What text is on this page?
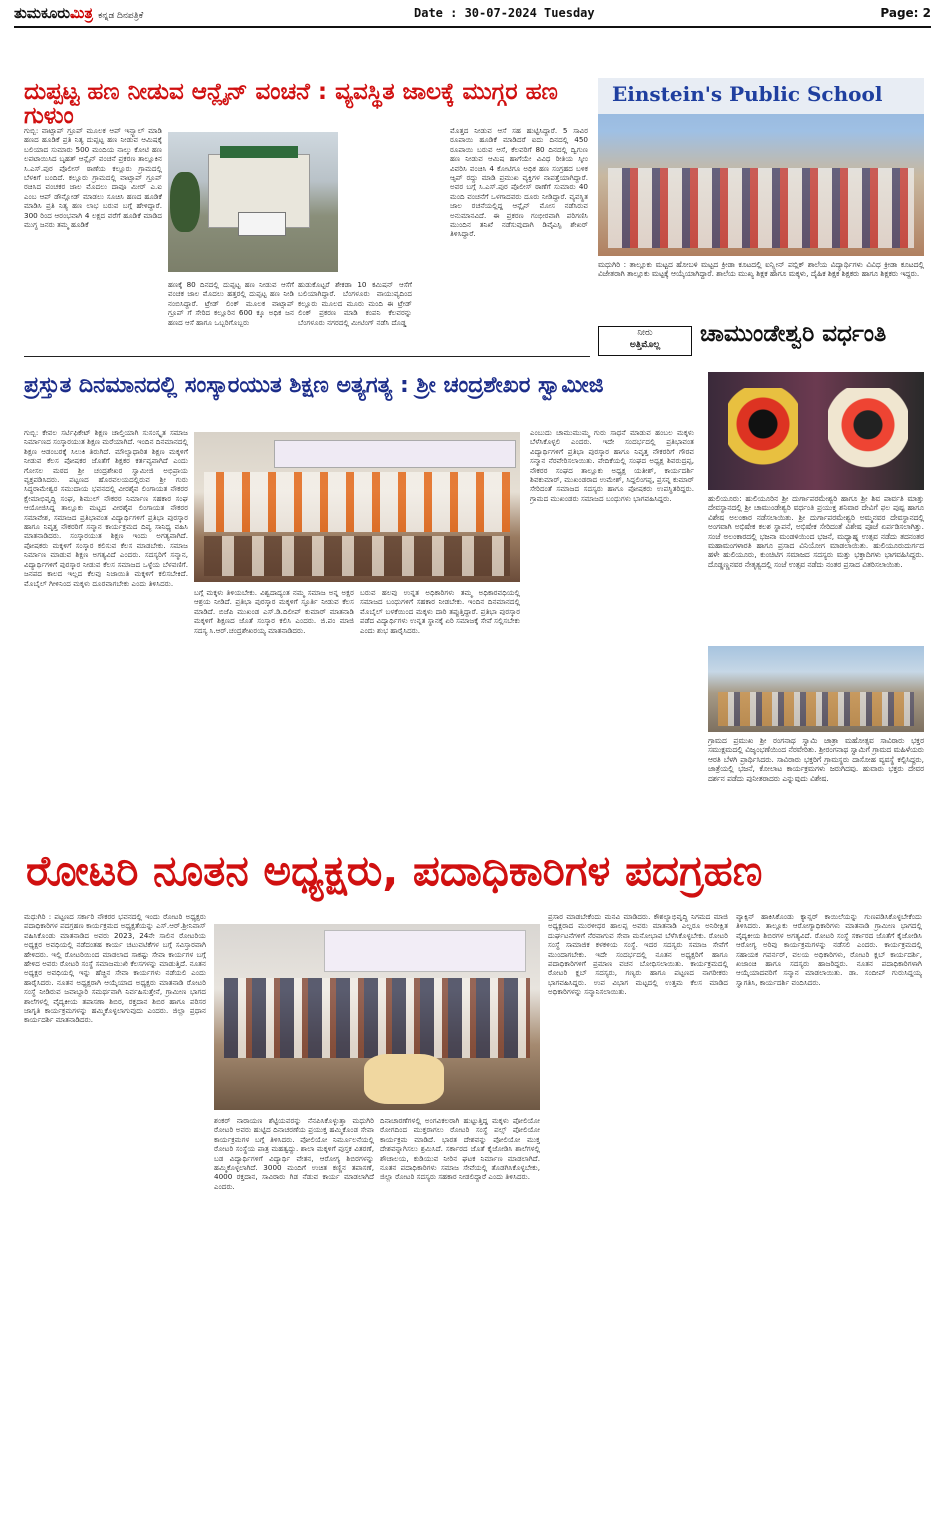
ತುಮಕೂರುಮಿತ್ರ ಕನ್ನಡ ದಿನಪತ್ರಿಕೆ	Date : 30-07-2024 Tuesday	Page: 2
ದುಪ್ಪಟ್ಟ ಹಣ ನೀಡುವ ಆನ್ಲೈನ್ ವಂಚನೆ : ವ್ಯವಸ್ಥಿತ ಜಾಲಕ್ಕೆ ಮುಗ್ಗರ ಹಣ ಗುಳುಂ
ಗುಬ್ಬಿ: ವಾಟ್ಸಾಪ್ ಗ್ರೂಪ್ ಮೂಲಕ ಆಪ್ ಇನ್ಸ್ಟಾಲ್ ಮಾಡಿ ಹಣದ ಹೂಡಿಕೆ ಪ್ರತಿ ನಿತ್ಯ ದುಪ್ಪಟ್ಟ ಹಣ ನೀಡುವ ಆಮಿಷಕ್ಕೆ ಬಲಿಯಾದ ಸುಮಾರು 500 ಮಂದಿಯ ನಾಲ್ಕು ಕೋಟಿ ಹಣ ಲಪಟಾಯಿಸಿದ ಬೃಹತ್ ಆನ್ಲೈನ್ ವಂಚನೆ ಪ್ರಕರಣ ತಾಲ್ಲೂಕಿನ ಸಿ.ಎಸ್.ಪುರ ಪೊಲೀಸ್ ಠಾಣೆಯ ಕಲ್ಲೂರು ಗ್ರಾಮದಲ್ಲಿ ಬೆಳಕಿಗೆ ಬಂದಿದೆ. ಕಲ್ಲೂರು ಗ್ರಾಮದಲ್ಲಿ ವಾಟ್ಸಾಪ್ ಗ್ರೂಪ್ ರಚಿಸಿದ ವಂಚಕರ ಜಾಲ ಮೊದಲು ದಾವೂ ಮೀರ್ ಎ.ಐ ಎಂಬ ಆಪ್ ಡೌನ್ಲೋಡ್ ಮಾಡಲು ಸೂಚಿಸಿ ಹಣದ ಹೂಡಿಕೆ ಮಾಡಿಸಿ ಪ್ರತಿ ನಿತ್ಯ ಹಣ ಲಾಭ ಬರುವ ಬಗ್ಗೆ ಹೇಳಿದ್ದಾರೆ. 300 ರಿಂದ ಆರಂಭವಾಗಿ 4 ಲಕ್ಷದ ವರೆಗೆ ಹೂಡಿಕೆ ಮಾಡಿದ ಮುಗ್ಧ ಜನರು ತಮ್ಮ ಹೂಡಿಕೆ
ಹಣಕ್ಕೆ 80 ದಿನದಲ್ಲಿ ದುಪ್ಪಟ್ಟ ಹಣ ನೀಡುವ ಆಸೆಗೆ ವಂಚಕ ಜಾಲ ಮೊದಲು ಹತ್ತರಲ್ಲಿ ದುಪ್ಪಟ್ಟ ಹಣ ನೀಡಿ ನಂಬಿಸಿದ್ದಾರೆ. ಟ್ರೇಡ್ ಲಿಂಕ್ ಮೂಲಕ ವಾಟ್ಸಾಪ್ ಗ್ರೂಪ್ ಗೆ ಸೇರಿದ ಕಲ್ಲೂರಿನ 600 ಕ್ಕೂ ಅಧಿಕ ಜನ ಹಣದ ಆಸೆ ಹಾಗೂ ಒಬ್ಬರಿಗೊಬ್ಬರು
ಹುಡುಕೊಟ್ಟರೆ ಶೇಕಡಾ 10 ಕಮಿಷನ್ ಆಸೆಗೆ ಬಲಿಯಾಗಿದ್ದಾರೆ. ಬೆಂಗಳೂರು ವಾಯುವ್ಯದಿಂದ ಕಲ್ಲೂರು ಮೂಲದ ಮೂರು ಮಂದಿ ಈ ಟ್ರೇಡ್ ಲಿಂಕ್ ಪ್ರಕರಣ ಮಾಡಿ ಕಂಪನಿ ಕೆಲವರನ್ನು ಬೆಂಗಳೂರು ನಗರದಲ್ಲಿ ಮೀಟಿಂಗ್ ನಡೆಸಿ ದೊಡ್ಡ
ಮೊತ್ತದ ನೀಡುವ ಆಸೆ ಸಹ ಹುಟ್ಟಿಸಿದ್ದಾರೆ. 5 ಸಾವಿರ ರೂಪಾಯಿ ಹೂಡಿಕೆ ಮಾಡಿದರೆ ಐದು ದಿನದಲ್ಲಿ 450 ರೂಪಾಯಿ ಬರುವ ಆಸೆ, ಕೆಲವರಿಗೆ 80 ದಿನದಲ್ಲಿ ದ್ವಿಗುಣ ಹಣ ನೀಡುವ ಆಮಿಷ ಹಾಗೆಯೇ ವಿವಿಧ ರೀತಿಯ ಸ್ಕೀಂ ವಿವರಿಸಿ ವಂಚಿಸಿ 4 ಕೋಟಿಗೂ ಅಧಿಕ ಹಣ ಸಂಗ್ರಹದ ಬಳಿಕ ಆ್ಯಪ್ ರದ್ದು ಮಾಡಿ ಪ್ರಮುಖ ವ್ಯಕ್ತಿಗಳ ನಾಪತ್ತೆಯಾಗಿದ್ದಾರೆ. ಅವರ ಬಗ್ಗೆ ಸಿ.ಎಸ್.ಪುರ ಪೊಲೀಸ್ ಠಾಣೆಗೆ ಸುಮಾರು 40 ಮಂದಿ ವಂಚನೆಗೆ ಒಳಗಾದವರು ದೂರು ನೀಡಿದ್ದಾರೆ. ವ್ಯವಸ್ಥಿತ ಜಾಲ ರಚನೆಯಲ್ಲಿದ್ದ ಆನ್ಲೈನ್ ಮೋಸ ನಡೆಸಿರುವ ಅನುಮಾನವಿದೆ. ಈ ಪ್ರಕರಣ ಗಂಭೀರವಾಗಿ ಪರಿಗಣಿಸಿ ಮುಂದಿನ ತನಿಖೆ ನಡೆಸುವುದಾಗಿ ಡಿವೈಎಸ್ಪಿ ಶೇಖರ್ ತಿಳಿಸಿದ್ದಾರೆ.
Einstein's Public School
ಮಧುಗಿರಿ : ತಾಲ್ಲೂಕು ಮಟ್ಟದ ಹೋಬಳಿ ಮಟ್ಟದ ಕ್ರೀಡಾ ಕೂಟದಲ್ಲಿ ಐನ್ಸ್ಟೀನ್ ಪಬ್ಲಿಕ್ ಶಾಲೆಯ ವಿದ್ಯಾರ್ಥಿಗಳು ವಿವಿಧ ಕ್ರೀಡಾ ಕೂಟದಲ್ಲಿ ವಿಜೇತರಾಗಿ ತಾಲ್ಲೂಕು ಮಟ್ಟಕ್ಕೆ ಆಯ್ಕೆಯಾಗಿದ್ದಾರೆ. ಶಾಲೆಯ ಮುಖ್ಯ ಶಿಕ್ಷಕ ಹಾಗೂ ಮಕ್ಕಳು, ದೈಹಿಕ ಶಿಕ್ಷಕ ಶಿಕ್ಷಕರು ಹಾಗೂ ಶಿಕ್ಷಕರು ಇದ್ದರು.
ನೀರು
ಅತ್ತಿಮೊಲ್ಲ	ಚಾಮುಂಡೇಶ್ವರಿ ವರ್ಧಂತಿ
ಪ್ರಸ್ತುತ ದಿನಮಾನದಲ್ಲಿ ಸಂಸ್ಕಾರಯುತ ಶಿಕ್ಷಣ ಅತ್ಯಗತ್ಯ : ಶ್ರೀ ಚಂದ್ರಶೇಖರ ಸ್ವಾಮೀಜಿ
ಗುಬ್ಬಿ: ಕೇವಲ ಸರ್ಟಿಫಿಕೇಟ್ ಶಿಕ್ಷಣ ಚಾಲ್ತಿಯಾಗಿ ಸುಸಂಸ್ಕೃತ ಸಮಾಜ ನಿರ್ಮಾಣದ ಸಂಸ್ಕಾರಯುತ ಶಿಕ್ಷಣ ಮರೆಯಾಗಿದೆ. ಇಂದಿನ ದಿನಮಾನದಲ್ಲಿ ಶಿಕ್ಷಣ ಆಡಂಬರಕ್ಕೆ ಸಿಲುಕಿ ತಿರುಗಿದೆ. ಮೌಲ್ಯಾಧಾರಿತ ಶಿಕ್ಷಣ ಮಕ್ಕಳಿಗೆ ನೀಡುವ ಕೆಲಸ ಪೋಷಕರ ಜೊತೆಗೆ ಶಿಕ್ಷಕರ ಕರ್ತವ್ಯವಾಗಿದೆ ಎಂದು ಗೋಸಲ ಮಠದ ಶ್ರೀ ಚಂದ್ರಶೇಖರ ಸ್ವಾಮೀಜಿ ಅಭಿಪ್ರಾಯ ವ್ಯಕ್ತಪಡಿಸಿದರು. ಪಟ್ಟಣದ ಹೊರವಲಯದಲ್ಲಿರುವ ಶ್ರೀ ಗುರು ಸಿದ್ಧರಾಮೇಶ್ವರ ಸಮುದಾಯ ಭವನದಲ್ಲಿ ವೀರಶೈವ ಲಿಂಗಾಯತ ನೌಕರರ ಕ್ಷೇಮಾಭಿವೃದ್ಧಿ ಸಂಘ, ಶಿಮುಲ್ ನೌಕರರ ನಿರ್ಮಾಣ ಸಹಕಾರ ಸಂಘ ಆಯೋಜಿಸಿದ್ದ ತಾಲ್ಲೂಕು ಮಟ್ಟದ ವೀರಶೈವ ಲಿಂಗಾಯತ ನೌಕರರ ಸಮಾವೇಶ, ಸಮಾಜದ ಪ್ರತಿಭಾವಂತ ವಿದ್ಯಾರ್ಥಿಗಳಿಗೆ ಪ್ರತಿಭಾ ಪುರಸ್ಕಾರ ಹಾಗೂ ನಿವೃತ್ತ ನೌಕರರಿಗೆ ಸನ್ಮಾನ ಕಾರ್ಯಕ್ರಮದ ದಿವ್ಯ ಸಾನಿಧ್ಯ ವಹಿಸಿ ಮಾತನಾಡಿದರು. ಸಂಸ್ಕಾರಯುತ ಶಿಕ್ಷಣ ಇಂದು ಅಗತ್ಯವಾಗಿದೆ. ಪೋಷಕರು ಮಕ್ಕಳಿಗೆ ಸಂಸ್ಕಾರ ಕಲಿಸುವ ಕೆಲಸ ಮಾಡಬೇಕು. ಸಮಾಜ ನಿರ್ಮಾಣ ಮಾಡುವ ಶಿಕ್ಷಣ ಅಗತ್ಯವಿದೆ ಎಂದರು. ಸದಸ್ಯರಿಗೆ ಸನ್ಮಾನ, ವಿದ್ಯಾರ್ಥಿಗಳಿಗೆ ಪುರಸ್ಕಾರ ನೀಡುವ ಕೆಲಸ ಸಮಾಜದ ಒಳ್ಳೆಯ ಬೆಳವಣಿಗೆ. ಜನಪದ ಕಾಲದ ಇಲ್ಲದ ಕೆಲವು ನಿಜಾಯಿತಿ ಮಕ್ಕಳಿಗೆ ಕಲಿಸಬೇಕಿದೆ. ಮೊಬೈಲ್ ಗೀಳಿನಿಂದ ಮಕ್ಕಳು ದೂರವಾಗಬೇಕು ಎಂದು ತಿಳಿಸಿದರು.
ಬಗ್ಗೆ ಮಕ್ಕಳು ತಿಳಿಯಬೇಕು. ವಿಶ್ವದಾದ್ಯಂತ ನಮ್ಮ ಸಮಾಜ ಅನ್ನ ಅಕ್ಷರ ಆಶ್ರಯ ನೀಡಿದೆ. ಪ್ರತಿಭಾ ಪುರಸ್ಕಾರ ಮಕ್ಕಳಿಗೆ ಸ್ಫೂರ್ತಿ ನೀಡುವ ಕೆಲಸ ಮಾಡಿದೆ. ಬಿಜೆಪಿ ಮುಖಂಡ ಎಸ್.ಡಿ.ದಿಲೀಪ್ ಕುಮಾರ್ ಮಾತನಾಡಿ ಮಕ್ಕಳಿಗೆ ಶಿಕ್ಷಣದ ಜೊತೆ ಸಂಸ್ಕಾರ ಕಲಿಸಿ ಎಂದರು. ಜಿ.ಪಂ ಮಾಜಿ ಸದಸ್ಯ ಸಿ.ಆರ್.ಚಂದ್ರಶೇಖರಯ್ಯ ಮಾತನಾಡಿದರು.
ಬರುವ ಹಲವು ಉನ್ನತ ಅಧಿಕಾರಿಗಳು ತಮ್ಮ ಅಧಿಕಾರವಧಿಯಲ್ಲಿ ಸಮಾಜದ ಬಂಧುಗಳಿಗೆ ಸಹಕಾರ ನೀಡಬೇಕು. ಇಂದಿನ ದಿನಮಾನದಲ್ಲಿ ಮೊಬೈಲ್ ಬಳಕೆಯಿಂದ ಮಕ್ಕಳು ದಾರಿ ತಪ್ಪುತ್ತಿದ್ದಾರೆ. ಪ್ರತಿಭಾ ಪುರಸ್ಕಾರ ಪಡೆದ ವಿದ್ಯಾರ್ಥಿಗಳು ಉನ್ನತ ಸ್ಥಾನಕ್ಕೆ ಏರಿ ಸಮಾಜಕ್ಕೆ ಸೇವೆ ಸಲ್ಲಿಸಬೇಕು ಎಂದು ಶುಭ ಹಾರೈಸಿದರು.
ಎಂಬುದು ಚಾಮುಮುಮ್ಮ ಗುರು ಸಾಧನೆ ಮಾಡುವ ಹಂಬಲ ಮಕ್ಕಳು ಬೆಳೆಸಿಕೊಳ್ಳಲಿ ಎಂದರು. ಇದೇ ಸಂದರ್ಭದಲ್ಲಿ ಪ್ರತಿಭಾವಂತ ವಿದ್ಯಾರ್ಥಿಗಳಿಗೆ ಪ್ರತಿಭಾ ಪುರಸ್ಕಾರ ಹಾಗೂ ನಿವೃತ್ತ ನೌಕರರಿಗೆ ಗೌರವ ಸನ್ಮಾನ ನೆರವೇರಿಸಲಾಯಿತು. ವೇದಿಕೆಯಲ್ಲಿ ಸಂಘದ ಅಧ್ಯಕ್ಷ ಶಿವರುದ್ರಪ್ಪ, ನೌಕರರ ಸಂಘದ ತಾಲ್ಲೂಕು ಅಧ್ಯಕ್ಷ ಯತೀಶ್, ಕಾರ್ಯದರ್ಶಿ ಶಿವಕುಮಾರ್, ಮುಖಂಡರಾದ ಉಮೇಶ್, ಸಿದ್ದಲಿಂಗಪ್ಪ, ಪ್ರಸನ್ನ ಕುಮಾರ್ ಸೇರಿದಂತೆ ಸಮಾಜದ ಸದಸ್ಯರು ಹಾಗೂ ಪೋಷಕರು ಉಪಸ್ಥಿತರಿದ್ದರು. ಗ್ರಾಮದ ಮುಖಂಡರು ಸಮಾಜದ ಬಂಧುಗಳು ಭಾಗವಹಿಸಿದ್ದರು.	ಹುಲಿಯೂರು: ಹುಲಿಯೂರಿನ ಶ್ರೀ ದುರ್ಗಾಪರಮೇಶ್ವರಿ ಹಾಗೂ ಶ್ರೀ ಶಿವ ಪಾರ್ವತಿ ಮಾತ್ತು ದೇವಸ್ಥಾನದಲ್ಲಿ ಶ್ರೀ ಚಾಮುಂಡೇಶ್ವರಿ ವರ್ಧಂತಿ ಪ್ರಯುಕ್ತ ಶನಿವಾರ ದೇವಿಗೆ ಫಲ ಪುಷ್ಪ ಹಾಗೂ ವಿಶೇಷ ಅಲಂಕಾರ ನಡೆಸಲಾಯಿತು. ಶ್ರೀ ದುರ್ಗಾಪರಮೇಶ್ವರಿ ಅಮ್ಮನವರ ದೇವಸ್ಥಾನದಲ್ಲಿ ಅಂಗವಾಗಿ ಅಭಿಷೇಕ ಕಲಶ ಸ್ಥಾಪನೆ, ಅಭಿಷೇಕ ಸೇರಿದಂತೆ ವಿಶೇಷ ಪೂಜೆ ಏರ್ಪಡಿಸಲಾಗಿತ್ತು. ಸಂಜೆ ಅಲಂಕಾರದಲ್ಲಿ ಭಜನಾ ಮಂಡಳಿಯಿಂದ ಭಜನೆ, ಮಧ್ಯಾಹ್ನ ಉತ್ಸವ ನಡೆದು ತದನಂತರ ಮಹಾಮಂಗಳಾರತಿ ಹಾಗೂ ಪ್ರಸಾದ ವಿನಿಯೋಗ ಮಾಡಲಾಯಿತು. ಹುಲಿಯೂರುದುರ್ಗದ ಹಳೇ ಹುಲಿಯೂರು, ಕುಂಚಿಟಿಗ ಸಮಾಜದ ಸದಸ್ಯರು ಮತ್ತು ಭಕ್ತಾದಿಗಳು ಭಾಗವಹಿಸಿದ್ದರು. ದೊಡ್ಡಣ್ಣನವರ ನೇತೃತ್ವದಲ್ಲಿ ಸಂಜೆ ಉತ್ಸವ ನಡೆದು ನಂತರ ಪ್ರಸಾದ ವಿತರಿಸಲಾಯಿತು.
ಗ್ರಾಮದ ಪ್ರಮುಖ ಶ್ರೀ ರಂಗನಾಥ ಸ್ವಾಮಿ ಜಾತ್ರಾ ಮಹೋತ್ಸವ ಸಾವಿರಾರು ಭಕ್ತರ ಸಮುಕ್ಷಮದಲ್ಲಿ ವಿಜೃಂಭಣೆಯಿಂದ ನೆರವೇರಿತು. ಶ್ರೀರಂಗನಾಥ ಸ್ವಾಮಿಗೆ ಗ್ರಾಮದ ಮಹಿಳೆಯರು ಆರತಿ ಬೆಳಗಿ ಪ್ರಾರ್ಥಿಸಿದರು. ಸಾವಿರಾರು ಭಕ್ತರಿಗೆ ಗ್ರಾಮಸ್ಥರು ದಾಸೋಹ ವ್ಯವಸ್ಥೆ ಕಲ್ಪಿಸಿದ್ದರು, ಜಾತ್ರೆಯಲ್ಲಿ ಭಜನೆ, ಕೋಲಾಟ ಕಾರ್ಯಕ್ರಮಗಳು ಜರುಗಿದವು. ಹುವಾರು ಭಕ್ತರು ದೇವರ ದರ್ಶನ ಪಡೆದು ಪುನೀತರಾದರು ಎನ್ನುವುದು ವಿಶೇಷ.
ರೋಟರಿ ನೂತನ ಅಧ್ಯಕ್ಷರು, ಪದಾಧಿಕಾರಿಗಳ ಪದಗ್ರಹಣ
ಮಧುಗಿರಿ : ಪಟ್ಟಣದ ಸರ್ಕಾರಿ ನೌಕರರ ಭವನದಲ್ಲಿ ಇಂದು ರೋಟರಿ ಅಧ್ಯಕ್ಷರು ಪದಾಧಿಕಾರಿಗಳ ಪದಗ್ರಹಣ ಕಾರ್ಯಕ್ರಮದ ಅಧ್ಯಕ್ಷತೆಯನ್ನು ಎಸ್.ಆರ್.ಶ್ರೀನಿವಾಸ್ ವಹಿಸಿಕೊಂಡು ಮಾತನಾಡಿದ ಅವರು 2023, 24ನೇ ಸಾಲಿನ ರೋಟರಿಯ ಅಧ್ಯಕ್ಷರ ಅವಧಿಯಲ್ಲಿ ನಡೆದಂತಹ ಕಾರ್ಯ ಚಟುವಟಿಕೆಗಳ ಬಗ್ಗೆ ಸವಿಸ್ತಾರವಾಗಿ ಹೇಳಿದರು. ಇಲ್ಲಿ ರೋಟರಿಯಿಂದ ಮಾಡಲಾದ ಸಾಕಷ್ಟು ಸೇವಾ ಕಾರ್ಯಗಳ ಬಗ್ಗೆ ಹೇಳಿದ ಅವರು ರೋಟರಿ ಸಂಸ್ಥೆ ಸಮಾಜಮುಖಿ ಕೆಲಸಗಳನ್ನು ಮಾಡುತ್ತಿದೆ. ನೂತನ ಅಧ್ಯಕ್ಷರ ಅವಧಿಯಲ್ಲಿ ಇನ್ನು ಹೆಚ್ಚಿನ ಸೇವಾ ಕಾರ್ಯಗಳು ನಡೆಯಲಿ ಎಂದು ಹಾರೈಸಿದರು. ನೂತನ ಅಧ್ಯಕ್ಷರಾಗಿ ಆಯ್ಕೆಯಾದ ಅಧ್ಯಕ್ಷರು ಮಾತನಾಡಿ ರೋಟರಿ ಸಂಸ್ಥೆ ನೀಡಿರುವ ಜವಾಬ್ದಾರಿ ಸಮರ್ಥವಾಗಿ ನಿರ್ವಹಿಸುತ್ತೇನೆ, ಗ್ರಾಮೀಣ ಭಾಗದ ಶಾಲೆಗಳಲ್ಲಿ ವೈದ್ಯಕೀಯ ತಪಾಸಣಾ ಶಿಬಿರ, ರಕ್ತದಾನ ಶಿಬಿರ ಹಾಗೂ ಪರಿಸರ ಜಾಗೃತಿ ಕಾರ್ಯಕ್ರಮಗಳನ್ನು ಹಮ್ಮಿಕೊಳ್ಳಲಾಗುವುದು ಎಂದರು. ಜಿಲ್ಲಾ ಪ್ರಧಾನ ಕಾರ್ಯದರ್ಶಿ ಮಾತನಾಡಿದರು.
ಶಂಕರ್ ನಾರಾಯಣ ಶೆಟ್ಟಿಯವರನ್ನು ನೆನಪಿಸಿಕೊಳ್ಳುತ್ತಾ ಮಧುಗಿರಿ ರೋಟರಿ ಅವರು ಹುಟ್ಟಿದ ದಿನಾಚರಣೆಯ ಪ್ರಯುಕ್ತ ಹಮ್ಮಿಕೊಂಡ ಸೇವಾ ಕಾರ್ಯಕ್ರಮಗಳ ಬಗ್ಗೆ ತಿಳಿಸಿದರು. ಪೋಲಿಯೋ ನಿರ್ಮೂಲನೆಯಲ್ಲಿ ರೋಟರಿ ಸಂಸ್ಥೆಯ ಪಾತ್ರ ಮಹತ್ವದ್ದು. ಶಾಲಾ ಮಕ್ಕಳಿಗೆ ಪುಸ್ತಕ ವಿತರಣೆ, ಬಡ ವಿದ್ಯಾರ್ಥಿಗಳಿಗೆ ವಿದ್ಯಾರ್ಥಿ ವೇತನ, ಆರೋಗ್ಯ ಶಿಬಿರಗಳನ್ನು ಹಮ್ಮಿಕೊಳ್ಳಲಾಗಿದೆ. 3000 ಮಂದಿಗೆ ಉಚಿತ ಕಣ್ಣಿನ ತಪಾಸಣೆ, 4000 ರಕ್ತದಾನ, ಸಾವಿರಾರು ಗಿಡ ನೆಡುವ ಕಾರ್ಯ ಮಾಡಲಾಗಿದೆ ಎಂದರು.
ದಿನಾಚಾರಣೆಗಳಲ್ಲಿ ಅಂಗವಿಕಲರಾಗಿ ಹುಟ್ಟುತ್ತಿದ್ದ ಮಕ್ಕಳು ಪೋಲಿಯೋ ರೋಗದಿಂದ ಮುಕ್ತರಾಗಲು ರೋಟರಿ ಸಂಸ್ಥೆ ಪಲ್ಸ್ ಪೋಲಿಯೋ ಕಾರ್ಯಕ್ರಮ ಮಾಡಿದೆ. ಭಾರತ ದೇಶವನ್ನು ಪೋಲಿಯೋ ಮುಕ್ತ ದೇಶವನ್ನಾಗಿಸಲು ಶ್ರಮಿಸಿದೆ. ಸರ್ಕಾರದ ಜೊತೆ ಕೈಜೋಡಿಸಿ ಶಾಲೆಗಳಲ್ಲಿ ಶೌಚಾಲಯ, ಕುಡಿಯುವ ನೀರಿನ ಘಟಕ ನಿರ್ಮಾಣ ಮಾಡಲಾಗಿದೆ. ನೂತನ ಪದಾಧಿಕಾರಿಗಳು ಸಮಾಜ ಸೇವೆಯಲ್ಲಿ ತೊಡಗಿಸಿಕೊಳ್ಳಬೇಕು, ಜಿಲ್ಲಾ ರೋಟರಿ ಸದಸ್ಯರು ಸಹಕಾರ ನೀಡಲಿದ್ದಾರೆ ಎಂದು ತಿಳಿಸಿದರು.
ಪ್ರಸಾರ ಮಾಡಬೇಕೆಂದು ಮನವಿ ಮಾಡಿದರು. ಕೌಶಲ್ಯಾಭಿವೃದ್ಧಿ ನಿಗಮದ ಮಾಜಿ ಅಧ್ಯಕ್ಷರಾದ ಮುರಳೀಧರ ಹಾಲಪ್ಪ ಅವರು ಮಾತನಾಡಿ ಎಲ್ಲರೂ ಅನಿರೀಕ್ಷಿತ ದುರ್ಘಟನೆಗಳಿಗೆ ನೆರವಾಗುವ ಸೇವಾ ಮನೋಭಾವ ಬೆಳೆಸಿಕೊಳ್ಳಬೇಕು. ರೋಟರಿ ಸಂಸ್ಥೆ ಸಾಮಾಜಿಕ ಕಳಕಳಿಯ ಸಂಸ್ಥೆ. ಇದರ ಸದಸ್ಯರು ಸಮಾಜ ಸೇವೆಗೆ ಮುಂದಾಗಬೇಕು. ಇದೇ ಸಂದರ್ಭದಲ್ಲಿ ನೂತನ ಅಧ್ಯಕ್ಷರಿಗೆ ಹಾಗೂ ಪದಾಧಿಕಾರಿಗಳಿಗೆ ಪ್ರಮಾಣ ವಚನ ಬೋಧಿಸಲಾಯಿತು. ಕಾರ್ಯಕ್ರಮದಲ್ಲಿ ರೋಟರಿ ಕ್ಲಬ್ ಸದಸ್ಯರು, ಗಣ್ಯರು ಹಾಗೂ ಪಟ್ಟಣದ ನಾಗರೀಕರು ಭಾಗವಹಿಸಿದ್ದರು. ಉಪ ವಿಭಾಗ ಮಟ್ಟದಲ್ಲಿ ಉತ್ತಮ ಕೆಲಸ ಮಾಡಿದ ಅಧಿಕಾರಿಗಳನ್ನು ಸನ್ಮಾನಿಸಲಾಯಿತು.
ವ್ಯಾಕ್ಸಿನ್ ಹಾಕಿಸಿಕೊಂಡು ಕ್ಯಾನ್ಸರ್ ಕಾಯಿಲೆಯನ್ನು ಗುಣಪಡಿಸಿಕೊಳ್ಳಬೇಕೆಂದು ತಿಳಿಸಿದರು. ತಾಲ್ಲೂಕು ಆರೋಗ್ಯಾಧಿಕಾರಿಗಳು ಮಾತನಾಡಿ ಗ್ರಾಮೀಣ ಭಾಗದಲ್ಲಿ ವೈದ್ಯಕೀಯ ಶಿಬಿರಗಳ ಅಗತ್ಯವಿದೆ. ರೋಟರಿ ಸಂಸ್ಥೆ ಸರ್ಕಾರದ ಜೊತೆಗೆ ಕೈಜೋಡಿಸಿ ಆರೋಗ್ಯ ಅರಿವು ಕಾರ್ಯಕ್ರಮಗಳನ್ನು ನಡೆಸಲಿ ಎಂದರು. ಕಾರ್ಯಕ್ರಮದಲ್ಲಿ ಸಹಾಯಕ ಗವರ್ನರ್, ವಲಯ ಅಧಿಕಾರಿಗಳು, ರೋಟರಿ ಕ್ಲಬ್ ಕಾರ್ಯದರ್ಶಿ, ಖಜಾಂಚಿ ಹಾಗೂ ಸದಸ್ಯರು ಹಾಜರಿದ್ದರು. ನೂತನ ಪದಾಧಿಕಾರಿಗಳಾಗಿ ಆಯ್ಕೆಯಾದವರಿಗೆ ಸನ್ಮಾನ ಮಾಡಲಾಯಿತು. ಡಾ. ಸಂದೀಪ್ ಗುರುಸಿದ್ದಯ್ಯ ಸ್ವಾಗತಿಸಿ, ಕಾರ್ಯದರ್ಶಿ ವಂದಿಸಿದರು.
